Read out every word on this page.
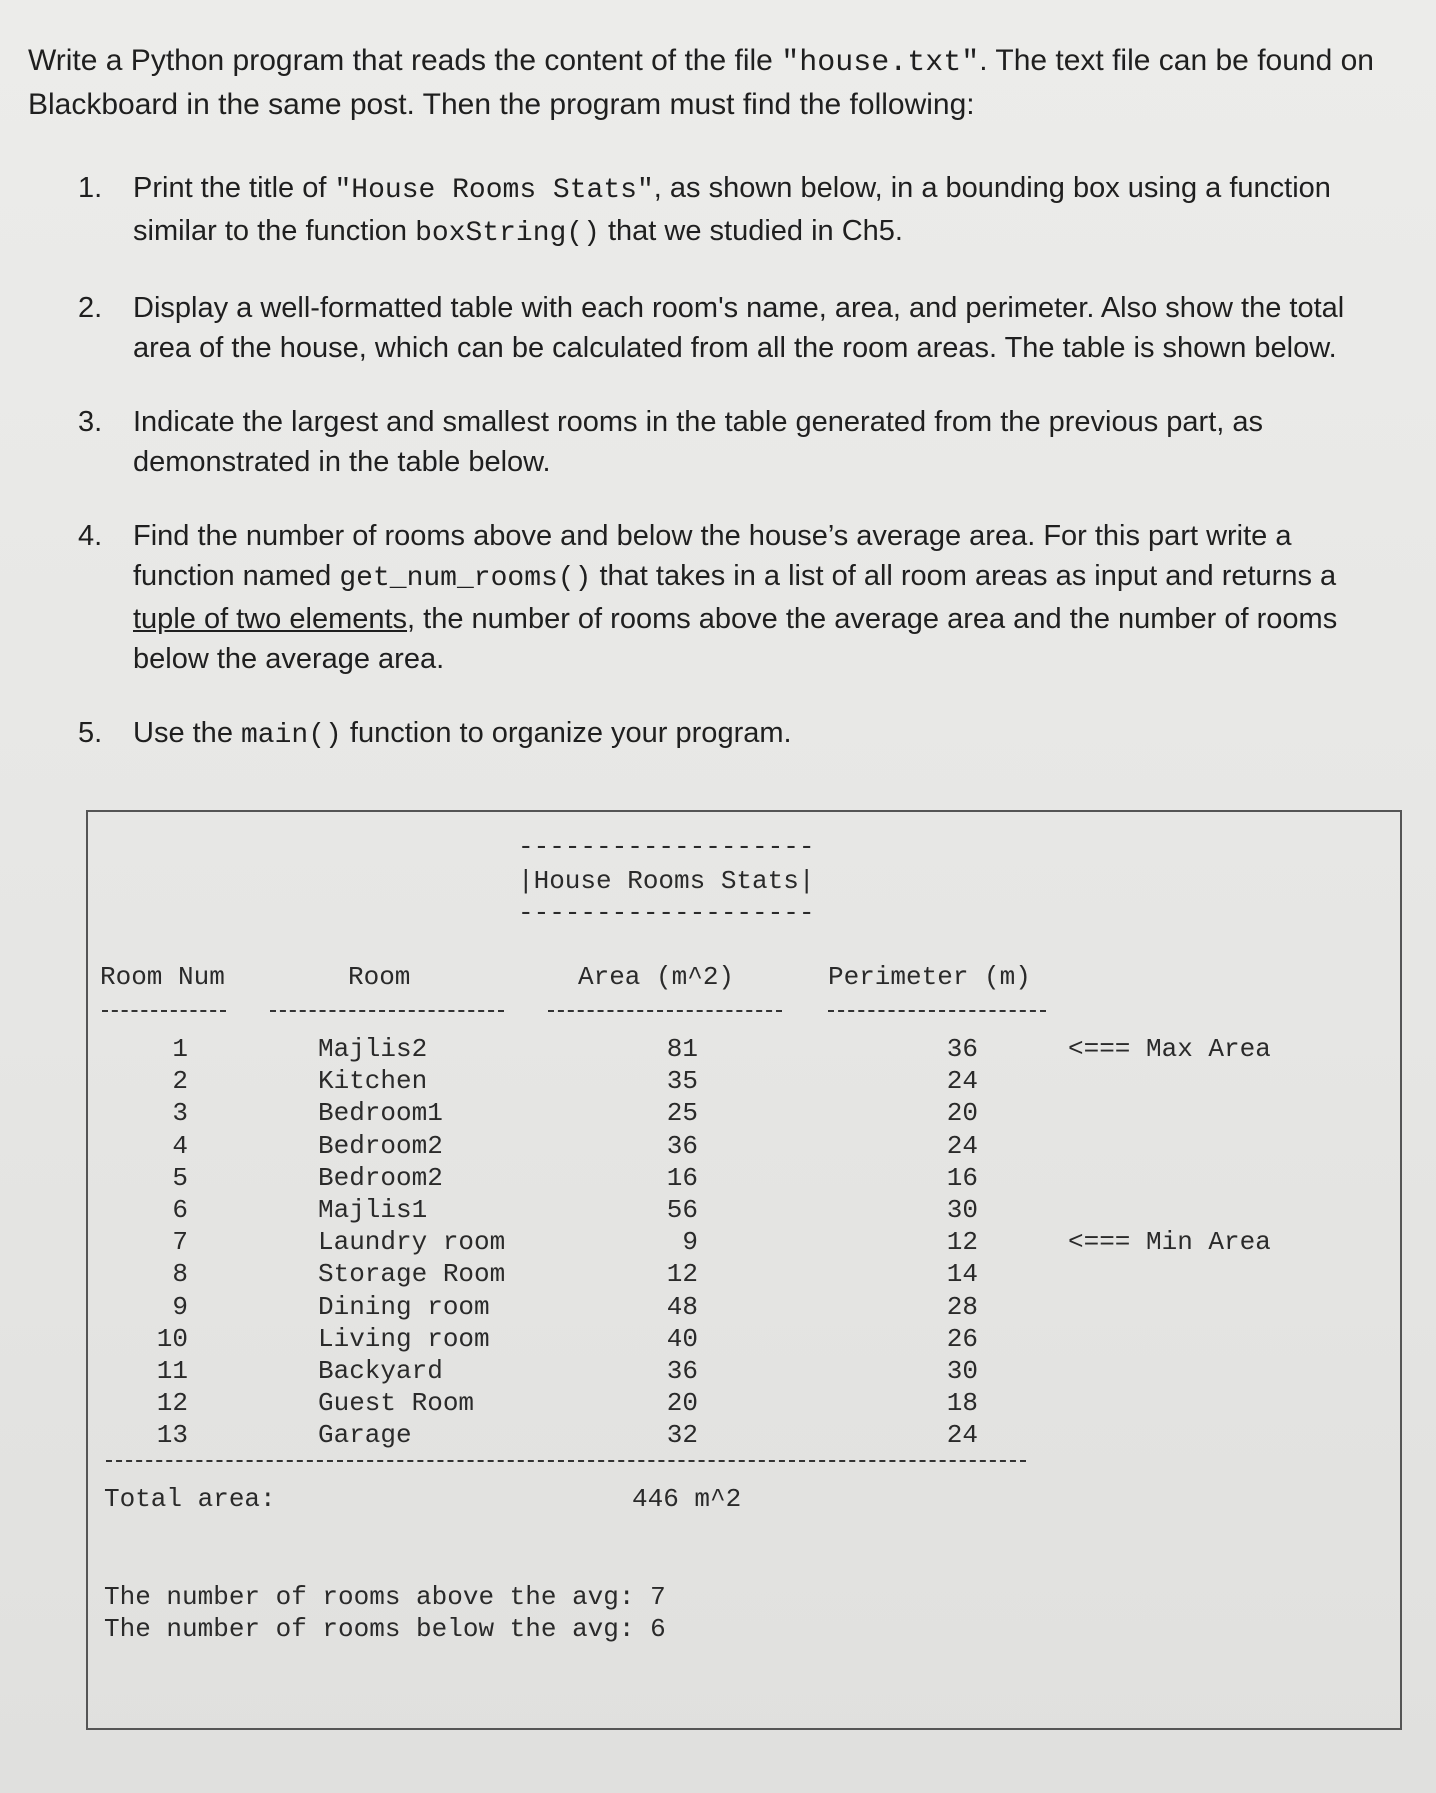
Write a Python program that reads the content of the file "house.txt". The text file can be found on Blackboard in the same post. Then the program must find the following:

1. Print the title of "House Rooms Stats", as shown below, in a bounding box using a function similar to the function boxString() that we studied in Ch5.
2. Display a well-formatted table with each room's name, area, and perimeter. Also show the total area of the house, which can be calculated from all the room areas. The table is shown below.
3. Indicate the largest and smallest rooms in the table generated from the previous part, as demonstrated in the table below.
4. Find the number of rooms above and below the house’s average area. For this part write a function named get_num_rooms() that takes in a list of all room areas as input and returns a tuple of two elements, the number of rooms above the average area and the number of rooms below the average area.
5. Use the main() function to organize your program.
-------------------
|House Rooms Stats|
-------------------
Room Num	Room	Area (m^2)	Perimeter (m)
1	Majlis2	81	36	<=== Max Area
2	Kitchen	35	24
3	Bedroom1	25	20
4	Bedroom2	36	24
5	Bedroom2	16	16
6	Majlis1	56	30
7	Laundry room	9	12	<=== Min Area
8	Storage Room	12	14
9	Dining room	48	28
10	Living room	40	26
11	Backyard	36	30
12	Guest Room	20	18
13	Garage	32	24
Total area:	446 m^2
The number of rooms above the avg: 7
The number of rooms below the avg: 6
